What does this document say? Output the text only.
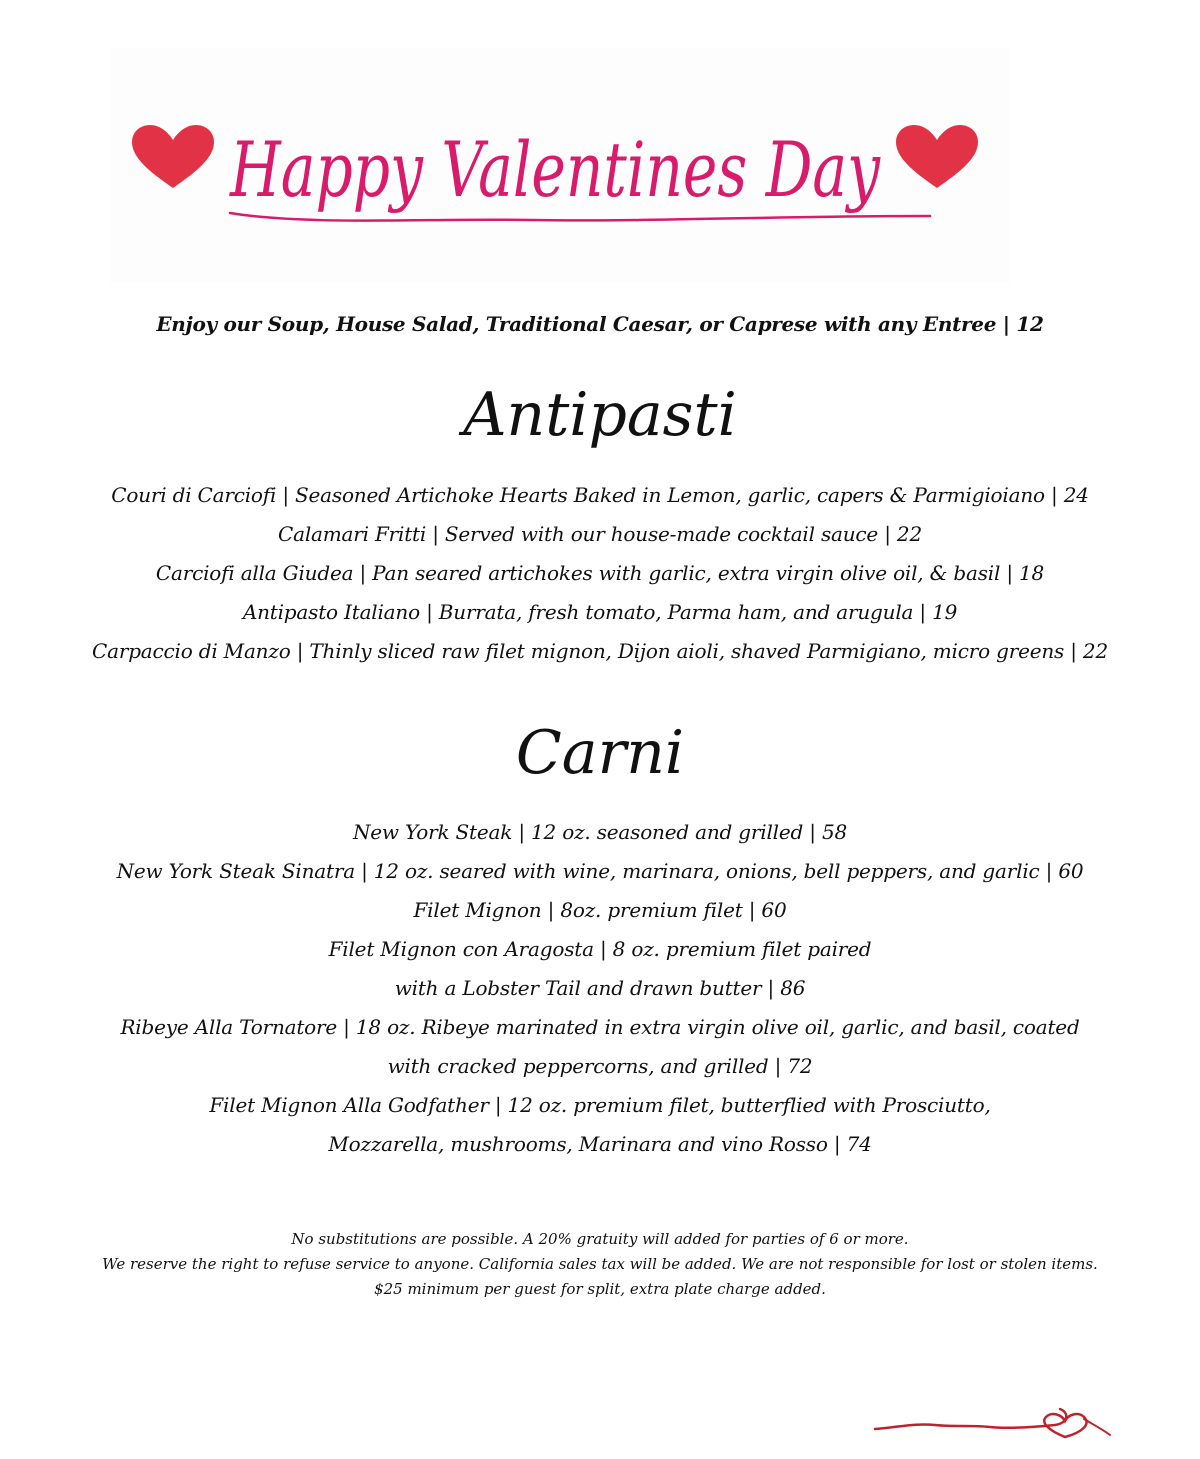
Happy Valentines Day
Enjoy our Soup, House Salad, Traditional Caesar, or Caprese with any Entree | 12
Antipasti
Couri di Carciofi | Seasoned Artichoke Hearts Baked in Lemon, garlic, capers & Parmigioiano | 24
Calamari Fritti | Served with our house-made cocktail sauce | 22
Carciofi alla Giudea | Pan seared artichokes with garlic, extra virgin olive oil, & basil | 18
Antipasto Italiano | Burrata, fresh tomato, Parma ham, and arugula | 19
Carpaccio di Manzo | Thinly sliced raw filet mignon, Dijon aioli, shaved Parmigiano, micro greens | 22
Carni
New York Steak | 12 oz. seasoned and grilled | 58
New York Steak Sinatra | 12 oz. seared with wine, marinara, onions, bell peppers, and garlic | 60
Filet Mignon | 8oz. premium filet | 60
Filet Mignon con Aragosta | 8 oz. premium filet paired
with a Lobster Tail and drawn butter | 86
Ribeye Alla Tornatore | 18 oz. Ribeye marinated in extra virgin olive oil, garlic, and basil, coated
with cracked peppercorns, and grilled | 72
Filet Mignon Alla Godfather | 12 oz. premium filet, butterflied with Prosciutto,
Mozzarella, mushrooms, Marinara and vino Rosso | 74
No substitutions are possible. A 20% gratuity will added for parties of 6 or more.
We reserve the right to refuse service to anyone. California sales tax will be added. We are not responsible for lost or stolen items.
$25 minimum per guest for split, extra plate charge added.
